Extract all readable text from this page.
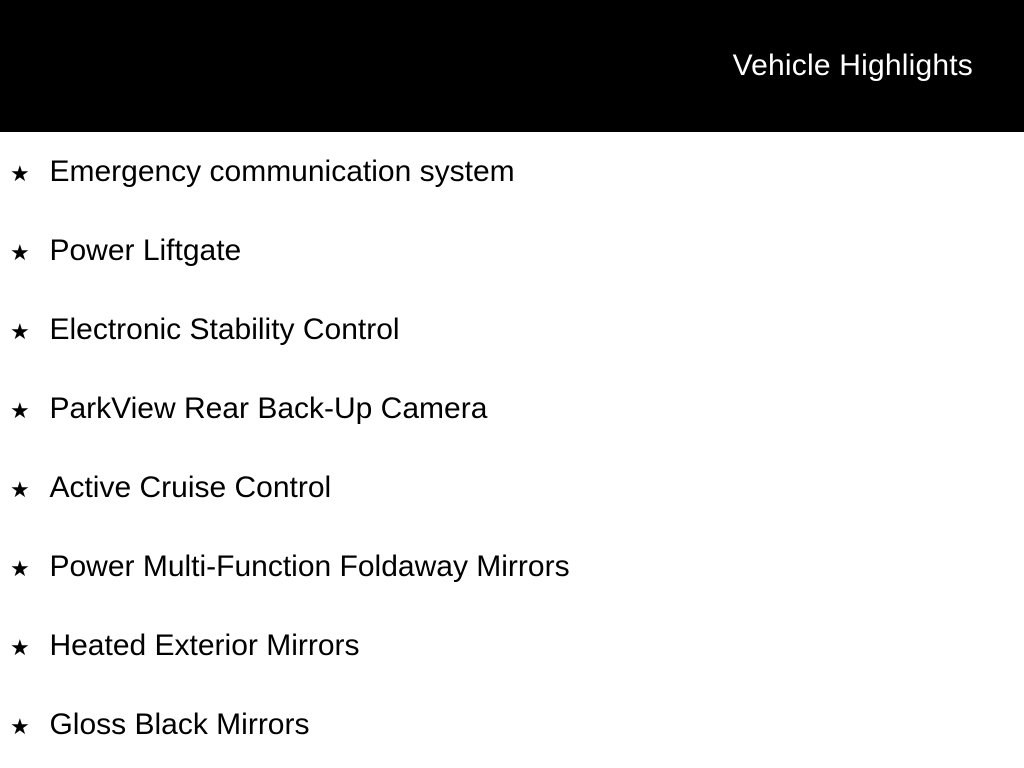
Vehicle Highlights
★ Emergency communication system
★ Power Liftgate
★ Electronic Stability Control
★ ParkView Rear Back-Up Camera
★ Active Cruise Control
★ Power Multi-Function Foldaway Mirrors
★ Heated Exterior Mirrors
★ Gloss Black Mirrors
